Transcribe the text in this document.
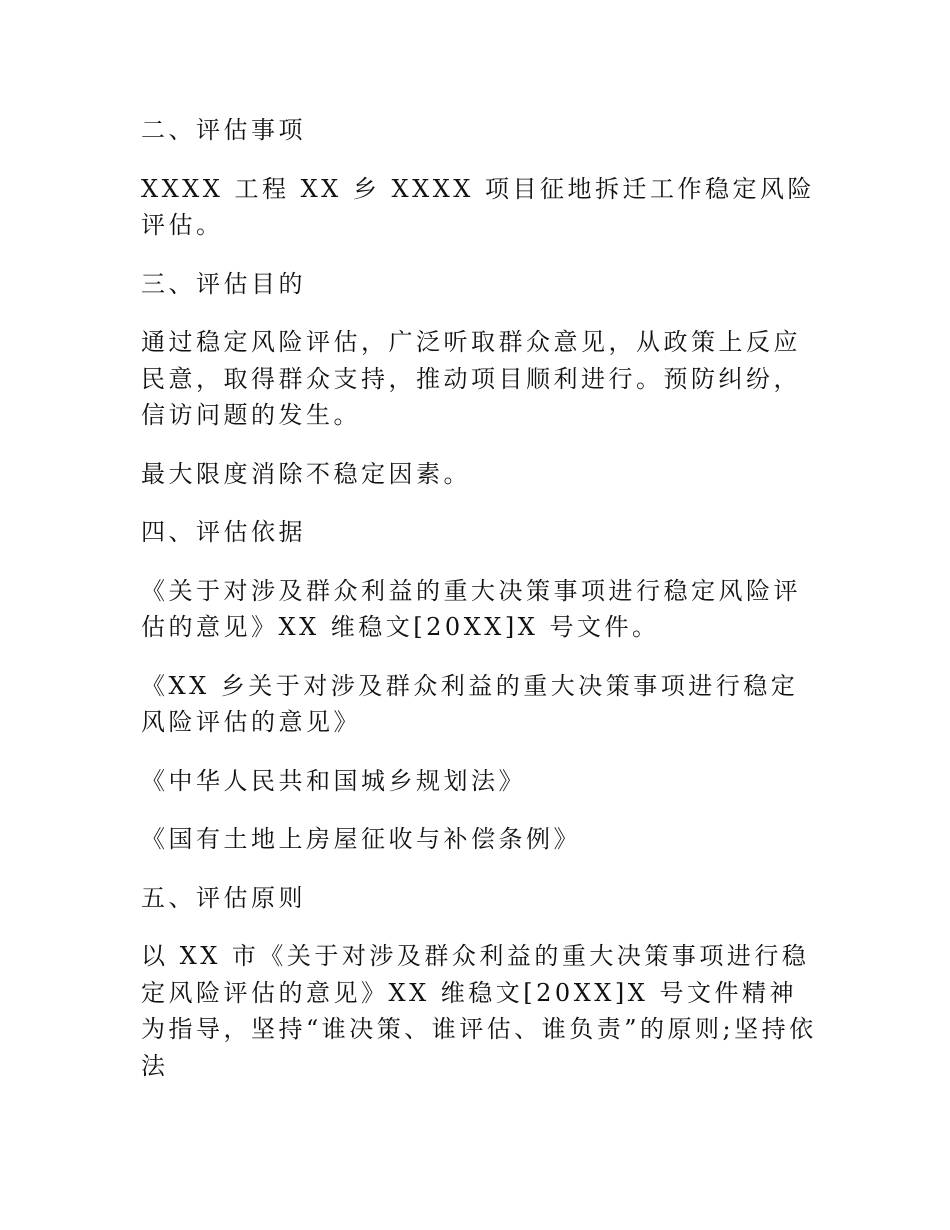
二、评估事项

XXXX 工程 XX 乡 XXXX 项目征地拆迁工作稳定风险评估。

三、评估目的

通过稳定风险评估，广泛听取群众意见，从政策上反应民意，取得群众支持，推动项目顺利进行。预防纠纷，信访问题的发生。

最大限度消除不稳定因素。

四、评估依据

《关于对涉及群众利益的重大决策事项进行稳定风险评估的意见》XX 维稳文[20XX]X 号文件。

《XX 乡关于对涉及群众利益的重大决策事项进行稳定风险评估的意见》

《中华人民共和国城乡规划法》

《国有土地上房屋征收与补偿条例》

五、评估原则

以 XX 市《关于对涉及群众利益的重大决策事项进行稳定风险评估的意见》XX 维稳文[20XX]X 号文件精神为指导，坚持“谁决策、谁评估、谁负责”的原则;坚持依法
